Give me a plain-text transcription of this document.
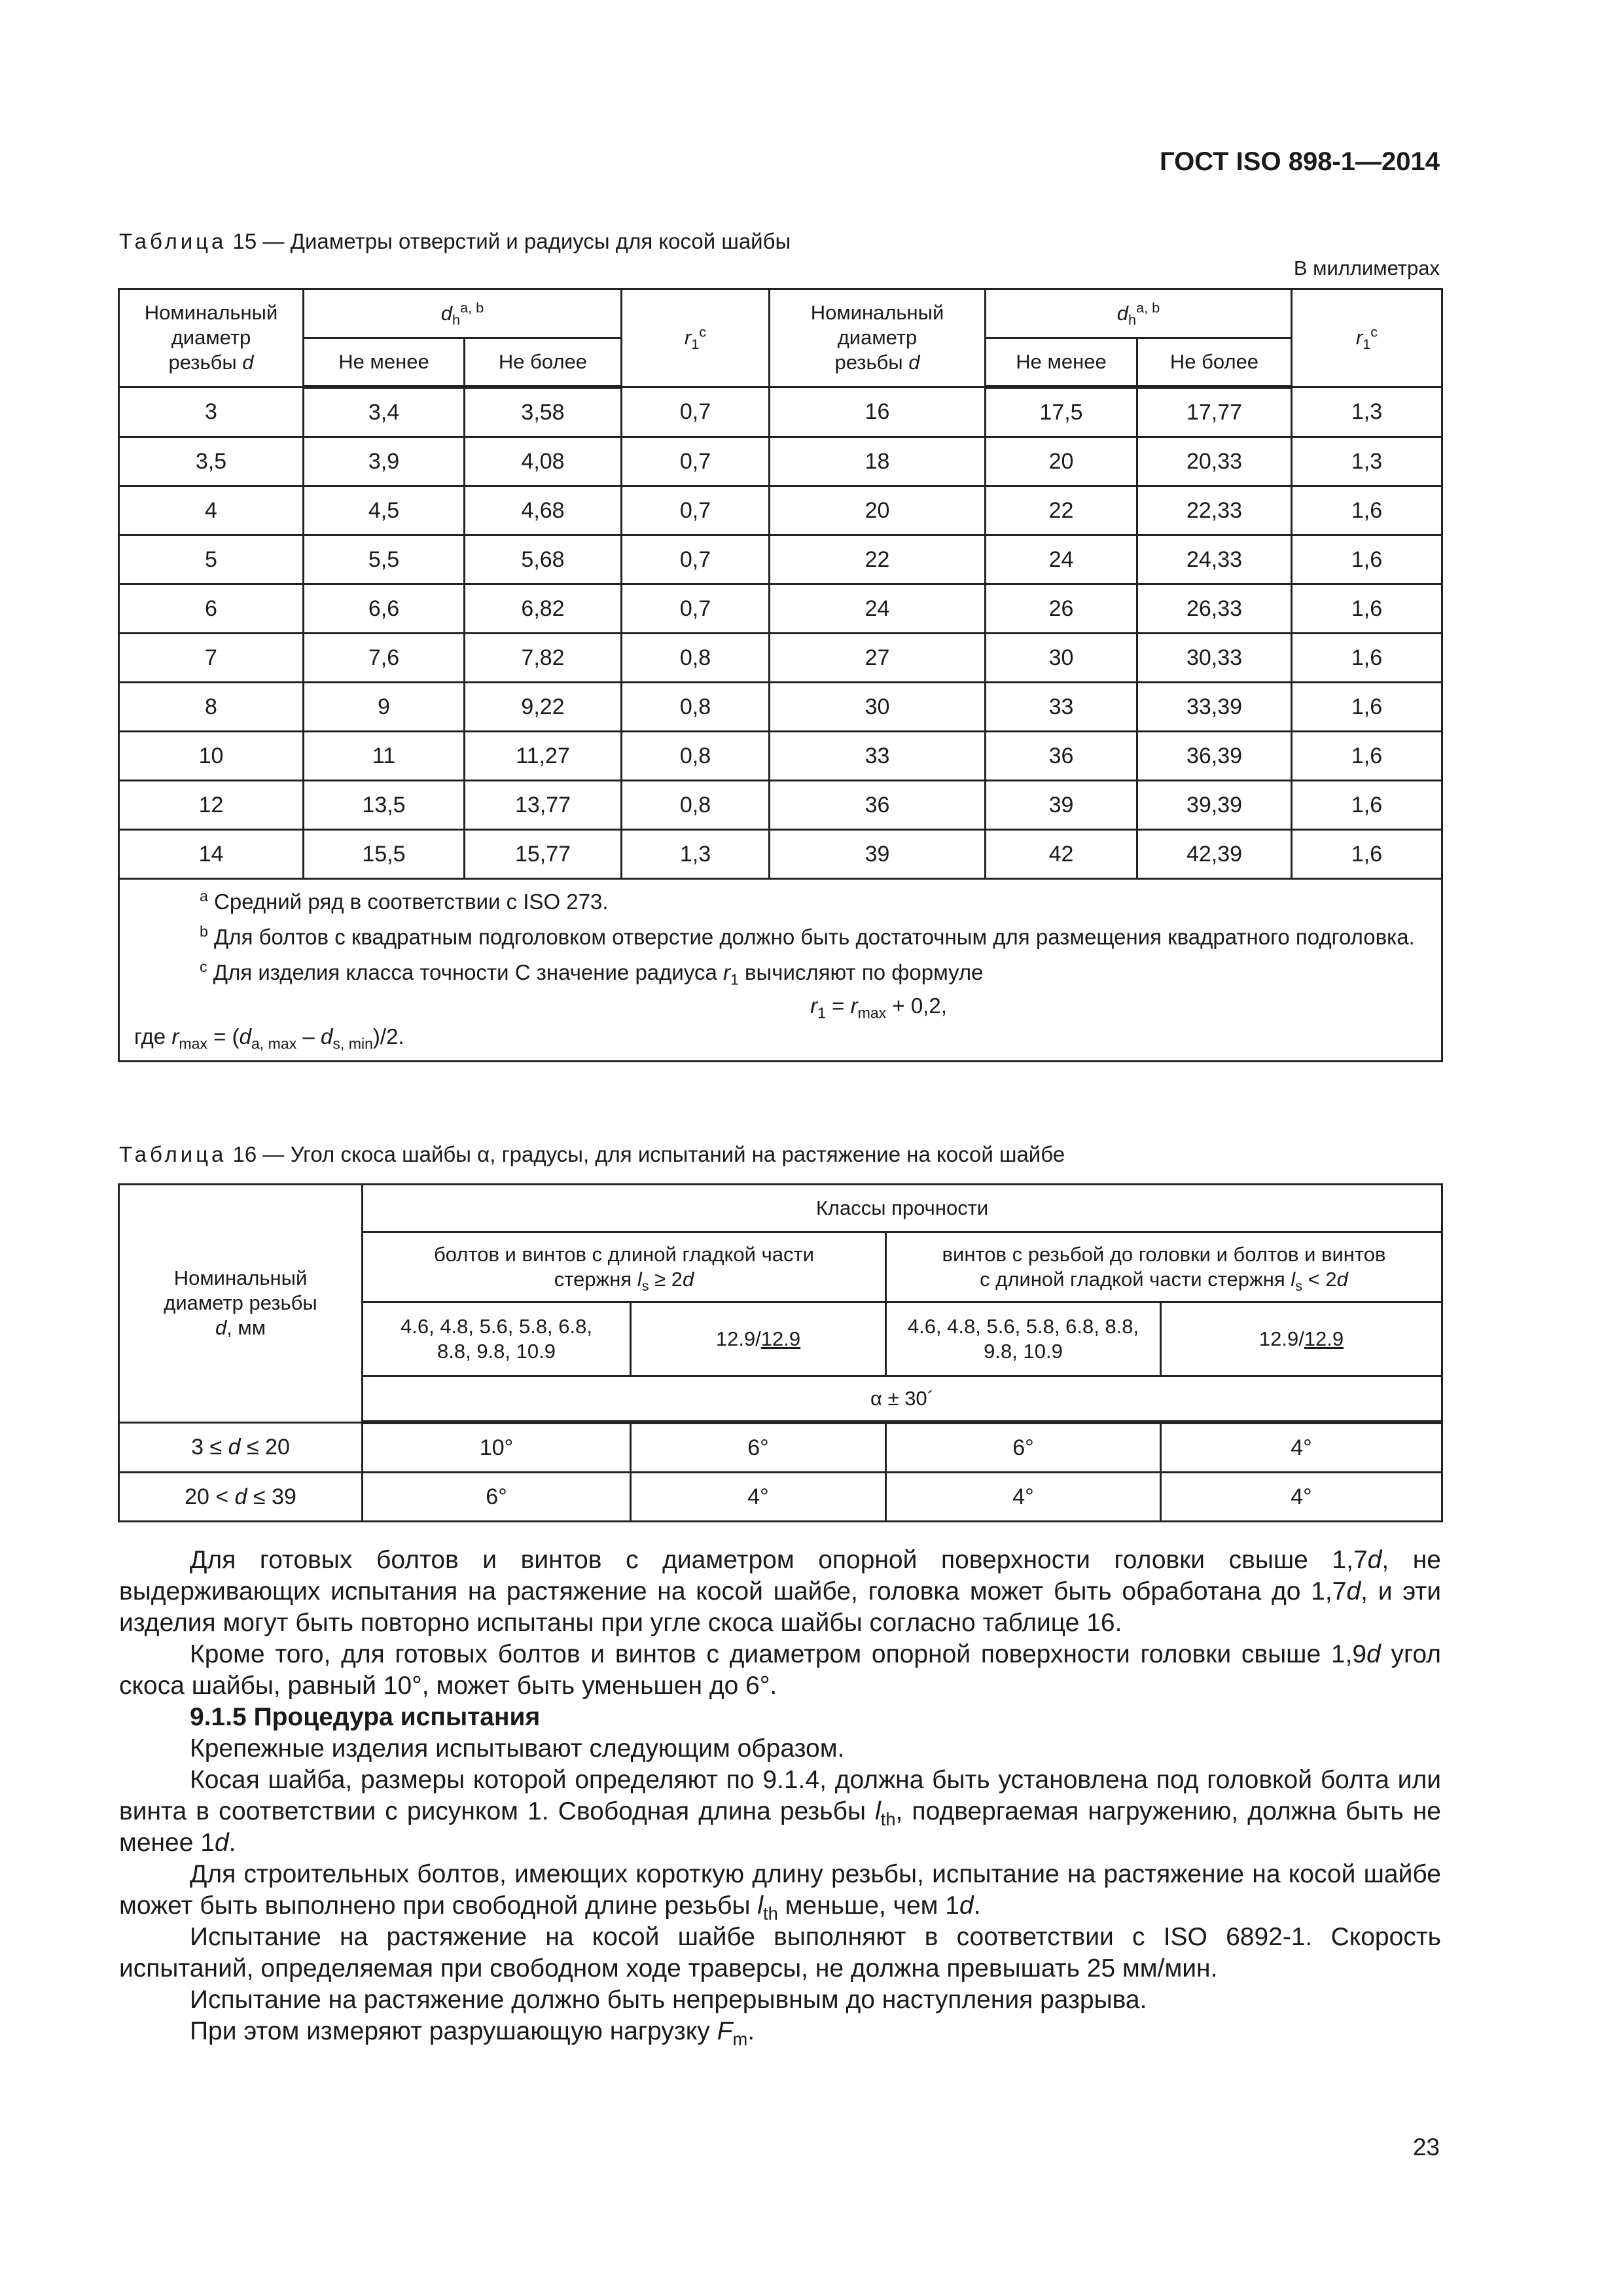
ГОСТ ISO 898-1—2014
Таблица 15 — Диаметры отверстий и радиусы для косой шайбы
В миллиметрах
Номинальный
диаметр
резьбы d	$d_h^{a, b}$		$r_1^c$	Номинальный
диаметр
резьбы d	$d_h^{a, b}$		$r_1^c$
	Не менее	Не более			Не менее	Не более	
3	3,4	3,58	0,7	16	17,5	17,77	1,3
3,5	3,9	4,08	0,7	18	20	20,33	1,3
4	4,5	4,68	0,7	20	22	22,33	1,6
5	5,5	5,68	0,7	22	24	24,33	1,6
6	6,6	6,82	0,7	24	26	26,33	1,6
7	7,6	7,82	0,8	27	30	30,33	1,6
8	9	9,22	0,8	30	33	33,39	1,6
10	11	11,27	0,8	33	36	36,39	1,6
12	13,5	13,77	0,8	36	39	39,39	1,6
14	15,5	15,77	1,3	39	42	42,39	1,6

$^a$ Средний ряд в соответствии с ISO 273.
$^b$ Для болтов с квадратным подголовком отверстие должно быть достаточным для размещения квадратного подголовка.
$^c$ Для изделия класса точности С значение радиуса $r_1$ вычисляют по формуле
$r_1 = r_{max} + 0,2$,
где $r_{max} = (d_{a, max} - d_{s, min})/2$.							
Таблица 16 — Угол скоса шайбы α, градусы, для испытаний на растяжение на косой шайбе
Номинальный
диаметр резьбы
d, мм	Классы прочности			
	болтов и винтов с длиной гладкой части
стержня $l_s \ge 2d$		винтов с резьбой до головки и болтов и винтов
с длиной гладкой части стержня $l_s < 2d$	
	4.6, 4.8, 5.6, 5.8, 6.8,
8.8, 9.8, 10.9	12.9/12.9	4.6, 4.8, 5.6, 5.8, 6.8, 8.8,
9.8, 10.9	12.9/12.9
	α ± 30´			
3 ≤ d ≤ 20	10°	6°	6°	4°
20 < d ≤ 39	6°	4°	4°	4°

Для готовых болтов и винтов с диаметром опорной поверхности головки свыше 1,7d, не выдерживающих испытания на растяжение на косой шайбе, головка может быть обработана до 1,7d, и эти изделия могут быть повторно испытаны при угле скоса шайбы согласно таблице 16.

Кроме того, для готовых болтов и винтов с диаметром опорной поверхности головки свыше 1,9d угол скоса шайбы, равный 10°, может быть уменьшен до 6°.

9.1.5 Процедура испытания

Крепежные изделия испытывают следующим образом.

Косая шайба, размеры которой определяют по 9.1.4, должна быть установлена под головкой болта или винта в соответствии с рисунком 1. Свободная длина резьбы $l_{th}$, подвергаемая нагружению, должна быть не менее 1d.

Для строительных болтов, имеющих короткую длину резьбы, испытание на растяжение на косой шайбе может быть выполнено при свободной длине резьбы $l_{th}$ меньше, чем 1d.

Испытание на растяжение на косой шайбе выполняют в соответствии с ISO 6892-1. Скорость испытаний, определяемая при свободном ходе траверсы, не должна превышать 25 мм/мин.

Испытание на растяжение должно быть непрерывным до наступления разрыва.

При этом измеряют разрушающую нагрузку $F_m$.

23
